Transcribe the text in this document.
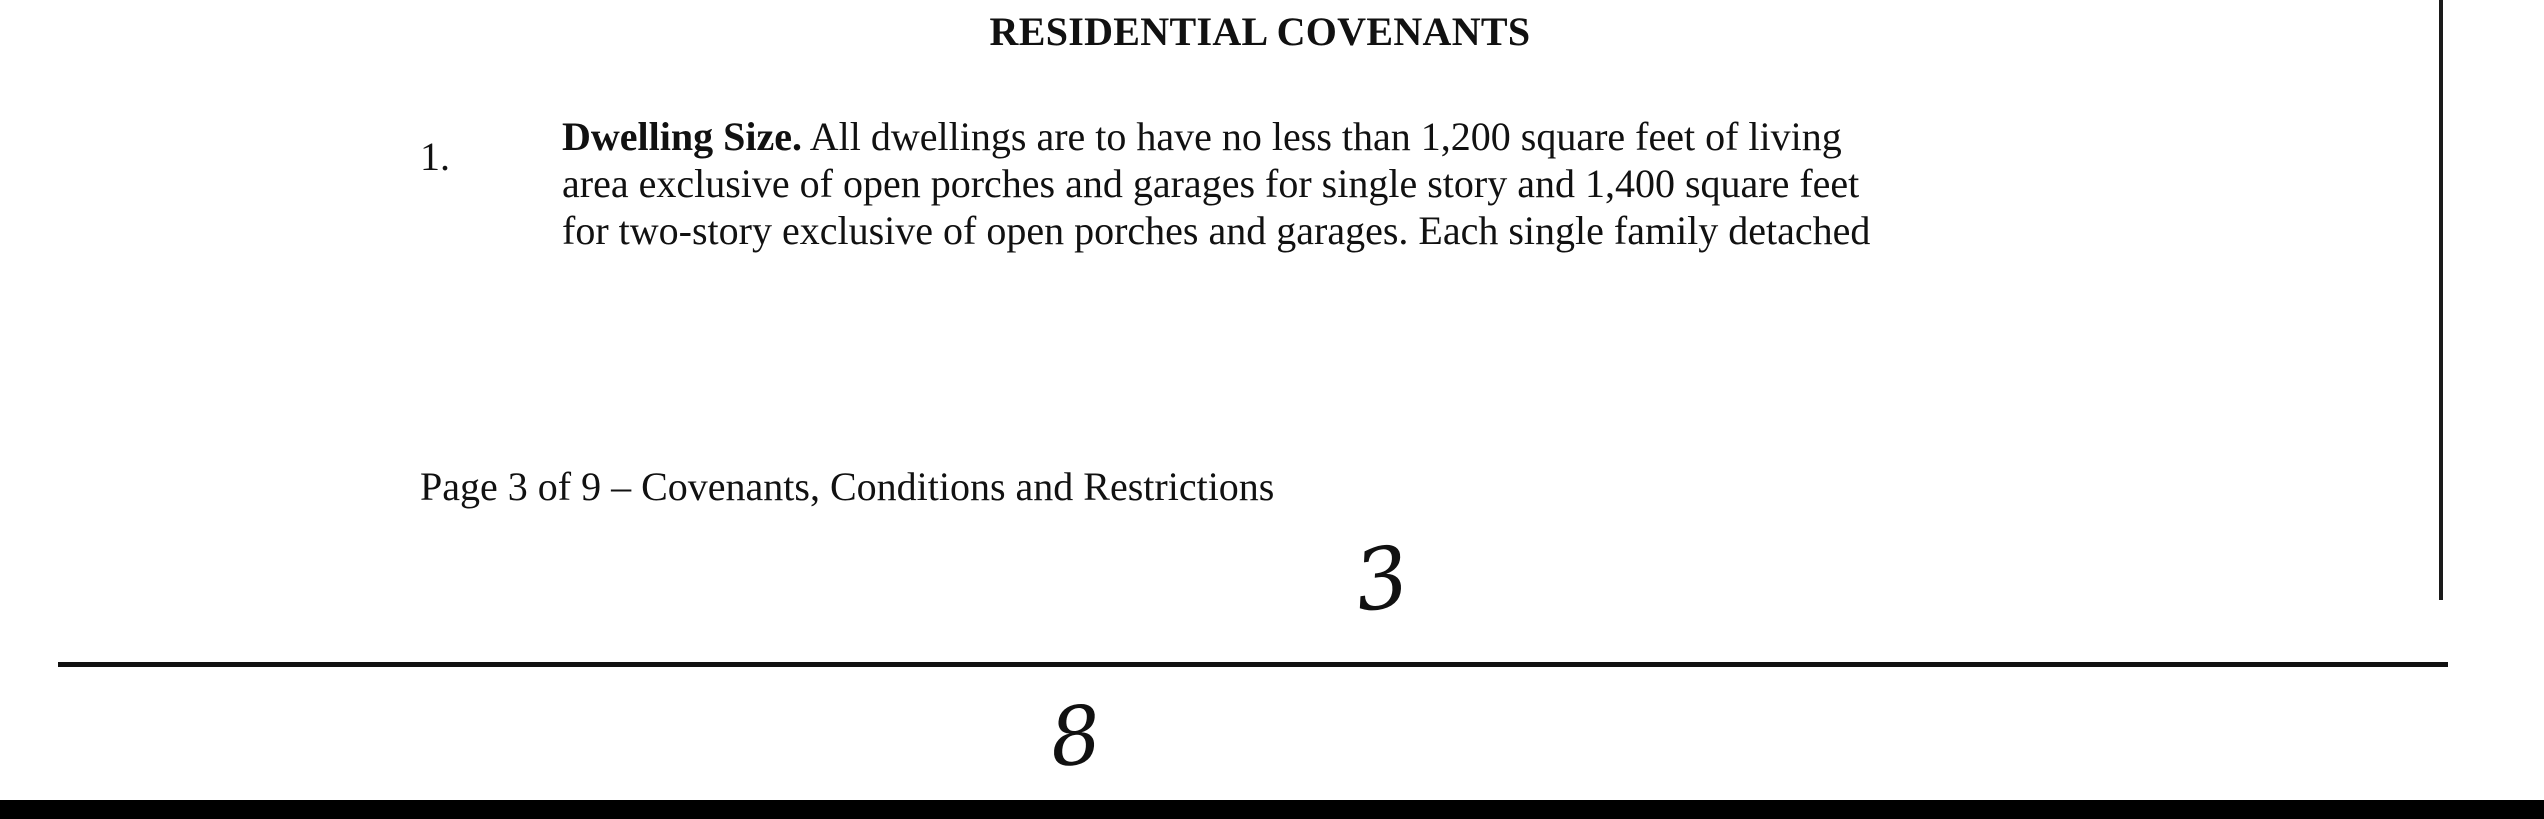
RESIDENTIAL COVENANTS
1.	Dwelling Size. All dwellings are to have no less than 1,200 square feet of living
area exclusive of open porches and garages for single story and 1,400 square feet
for two-story exclusive of open porches and garages. Each single family detached
Page 3 of 9 – Covenants, Conditions and Restrictions
3
8
